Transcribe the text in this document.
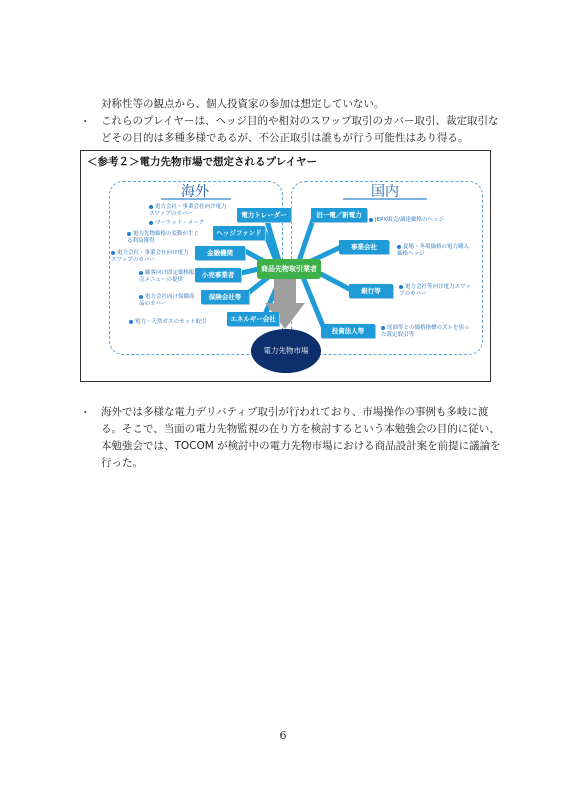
対称性等の観点から、個人投資家の参加は想定していない。
・ これらのプレイヤーは、ヘッジ目的や相対のスワップ取引のカバー取引、裁定取引な
どその目的は多種多様であるが、不公正取引は誰もが行う可能性はあり得る。
＜参考２＞電力先物市場で想定されるプレイヤー
海外	国内
電力トレーダー
ヘッジファンド
金融機関
小売事業者
保険会社等
エネルギー会社
旧一電／新電力
事業会社
銀行等
投資法人等
商品先物取引業者
電力先物市場
電力会社・事業会社向け電力スワップのカバー
マーケット・メーク
電力先物価格の変動が生じる利益獲得
電力会社・事業会社向け電力スワップのカバー
顧客向け固定価格販売メニューの提供
電力会社向け保険商品のカバー
電力・天然ガスのセット取引
JEPX販売/調達価格のヘッジ
夏場・冬場価格の電力購入価格ヘッジ
電力会社等向け電力スワップのカバー
原油等との価格指標のズレを狙った裁定取引等
・ 海外では多様な電力デリバティブ取引が行われており、市場操作の事例も多岐に渡
る。そこで、当面の電力先物監視の在り方を検討するという本勉強会の目的に従い、
本勉強会では、TOCOM が検討中の電力先物市場における商品設計案を前提に議論を
行った。
6
